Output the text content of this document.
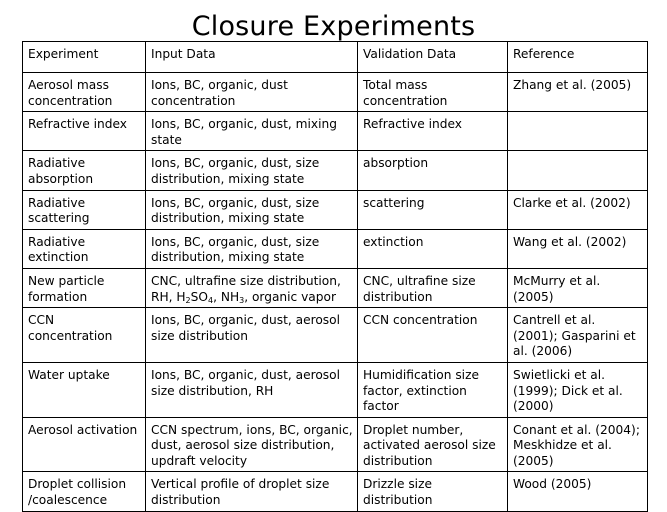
Closure Experiments
Experiment	Input Data	Validation Data	Reference
Aerosol mass concentration	Ions, BC, organic, dust concentration	Total mass concentration	Zhang et al. (2005)
Refractive index	Ions, BC, organic, dust, mixing state	Refractive index	
Radiative absorption	Ions, BC, organic, dust, size distribution, mixing state	absorption	
Radiative scattering	Ions, BC, organic, dust, size distribution, mixing state	scattering	Clarke et al. (2002)
Radiative extinction	Ions, BC, organic, dust, size distribution, mixing state	extinction	Wang et al. (2002)
New particle formation	CNC, ultrafine size distribution, RH, $H_2SO_4$, $NH_3$, organic vapor	CNC, ultrafine size distribution	McMurry et al. (2005)
CCN concentration	Ions, BC, organic, dust, aerosol size distribution	CCN concentration	Cantrell et al. (2001); Gasparini et al. (2006)
Water uptake	Ions, BC, organic, dust, aerosol size distribution, RH	Humidification size factor, extinction factor	Swietlicki et al. (1999); Dick et al. (2000)
Aerosol activation	CCN spectrum, ions, BC, organic, dust, aerosol size distribution, updraft velocity	Droplet number, activated aerosol size distribution	Conant et al. (2004); Meskhidze et al. (2005)
Droplet collision /coalescence	Vertical profile of droplet size distribution	Drizzle size distribution	Wood (2005)
